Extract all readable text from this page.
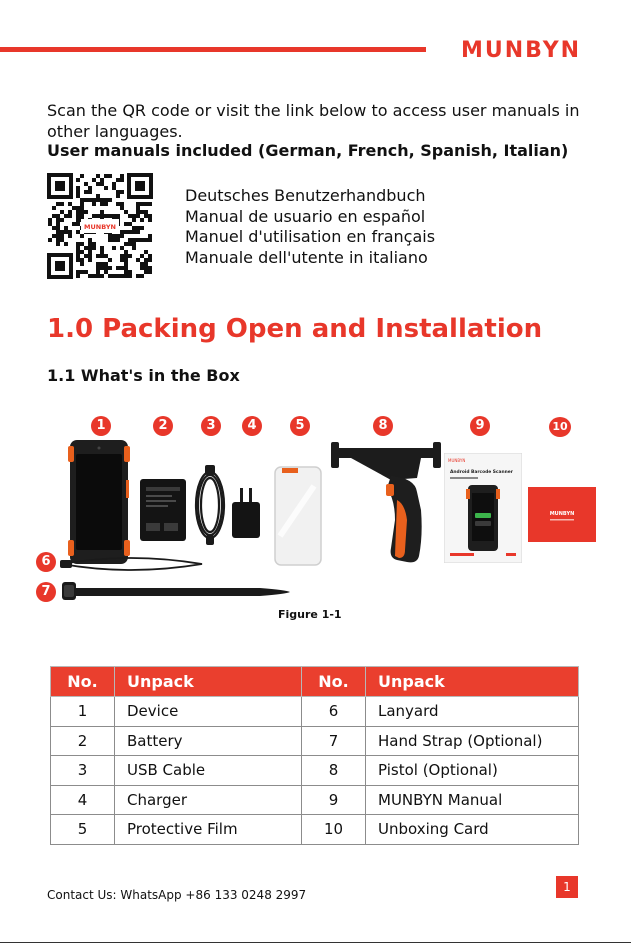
MUNBYN
Scan the QR code or visit the link below to access user manuals in other languages.
User manuals included (German, French, Spanish, Italian)
MUNBYN
Deutsches Benutzerhandbuch
Manual de usuario en español
Manuel d'utilisation en français
Manuale dell'utente in italiano
1.0 Packing Open and Installation
1.1 What's in the Box
1	2	3	4	5	8	9	10
6
7
MUNBYN
Android Barcode Scanner
MUNBYN
Figure 1-1
No.	Unpack	No.	Unpack
1	Device	6	Lanyard
2	Battery	7	Hand Strap (Optional)
3	USB Cable	8	Pistol (Optional)
4	Charger	9	MUNBYN Manual
5	Protective Film	10	Unboxing Card
Contact Us: WhatsApp +86 133 0248 2997
1
